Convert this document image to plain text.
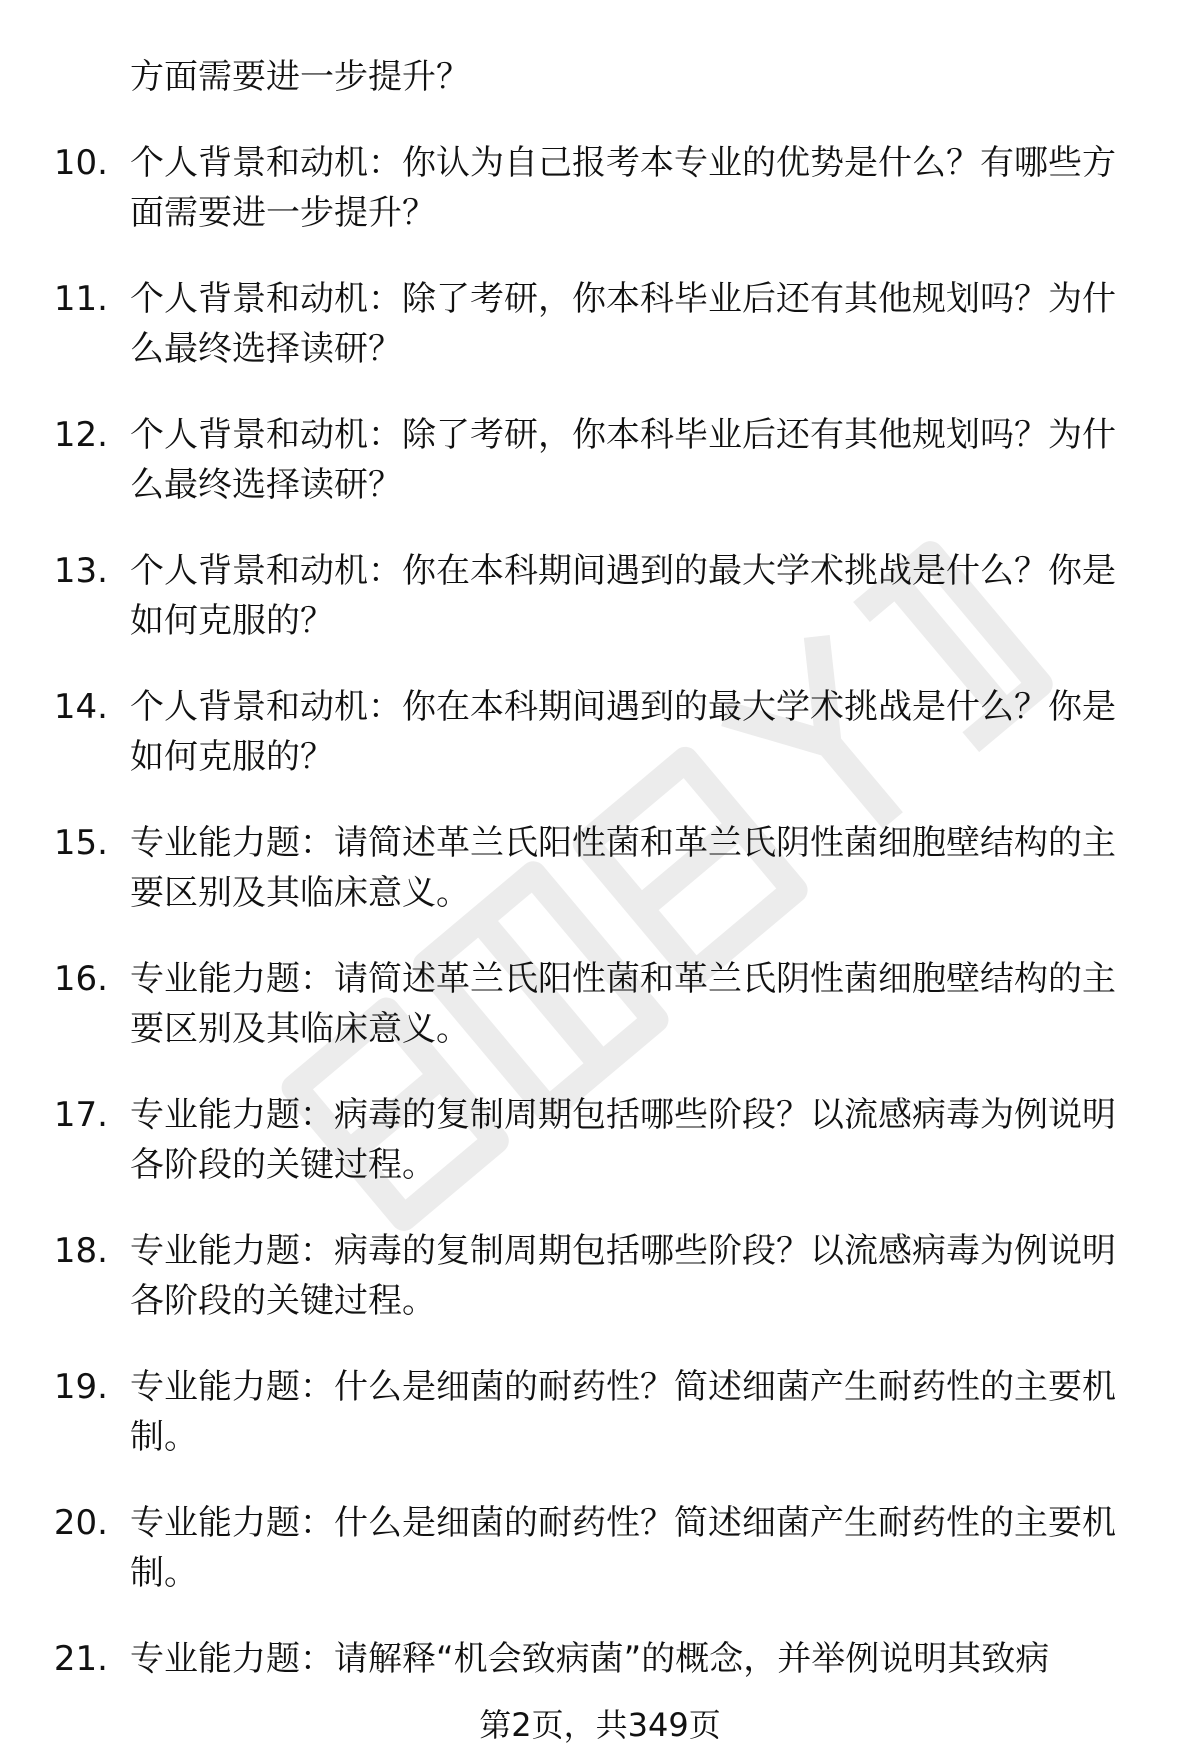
方面需要进一步提升？
10. 个人背景和动机：你认为自己报考本专业的优势是什么？有哪些方面需要进一步提升？
11. 个人背景和动机：除了考研，你本科毕业后还有其他规划吗？为什么最终选择读研？
12. 个人背景和动机：除了考研，你本科毕业后还有其他规划吗？为什么最终选择读研？
13. 个人背景和动机：你在本科期间遇到的最大学术挑战是什么？你是如何克服的？
14. 个人背景和动机：你在本科期间遇到的最大学术挑战是什么？你是如何克服的？
15. 专业能力题：请简述革兰氏阳性菌和革兰氏阴性菌细胞壁结构的主要区别及其临床意义。
16. 专业能力题：请简述革兰氏阳性菌和革兰氏阴性菌细胞壁结构的主要区别及其临床意义。
17. 专业能力题：病毒的复制周期包括哪些阶段？以流感病毒为例说明各阶段的关键过程。
18. 专业能力题：病毒的复制周期包括哪些阶段？以流感病毒为例说明各阶段的关键过程。
19. 专业能力题：什么是细菌的耐药性？简述细菌产生耐药性的主要机制。
20. 专业能力题：什么是细菌的耐药性？简述细菌产生耐药性的主要机制。
21. 专业能力题：请解释“机会致病菌”的概念，并举例说明其致病
第2页，共349页
